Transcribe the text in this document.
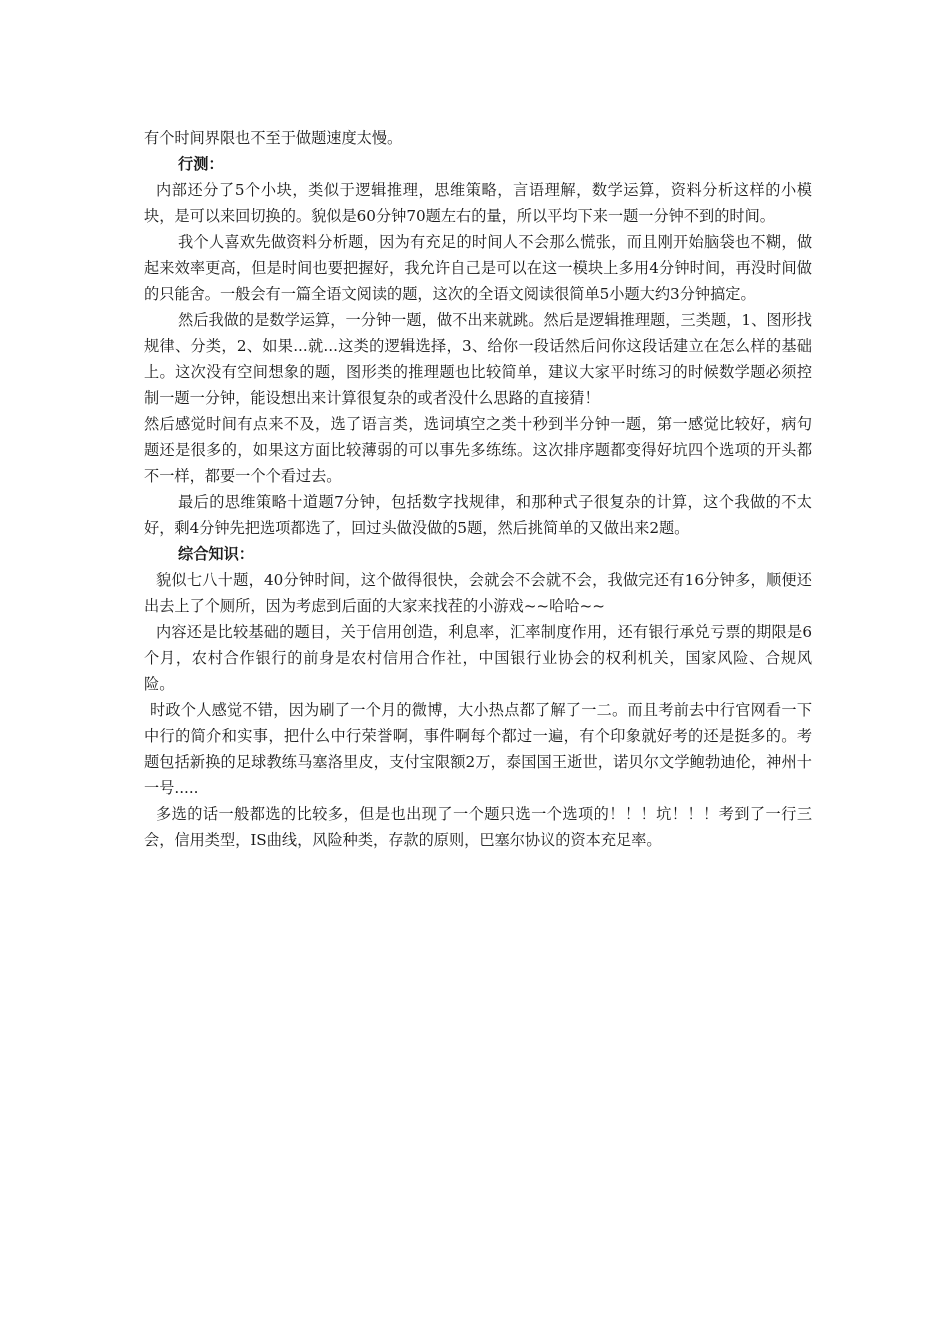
有个时间界限也不至于做题速度太慢。

行测：

内部还分了5个小块，类似于逻辑推理，思维策略，言语理解，数学运算，资料分析这样的小模块，是可以来回切换的。貌似是60分钟70题左右的量，所以平均下来一题一分钟不到的时间。

我个人喜欢先做资料分析题，因为有充足的时间人不会那么慌张，而且刚开始脑袋也不糊，做起来效率更高，但是时间也要把握好，我允许自己是可以在这一模块上多用4分钟时间，再没时间做的只能舍。一般会有一篇全语文阅读的题，这次的全语文阅读很简单5小题大约3分钟搞定。

然后我做的是数学运算，一分钟一题，做不出来就跳。然后是逻辑推理题，三类题，1、图形找规律、分类，2、如果...就...这类的逻辑选择，3、给你一段话然后问你这段话建立在怎么样的基础上。这次没有空间想象的题，图形类的推理题也比较简单，建议大家平时练习的时候数学题必须控制一题一分钟，能设想出来计算很复杂的或者没什么思路的直接猜！

然后感觉时间有点来不及，选了语言类，选词填空之类十秒到半分钟一题，第一感觉比较好，病句题还是很多的，如果这方面比较薄弱的可以事先多练练。这次排序题都变得好坑四个选项的开头都不一样，都要一个个看过去。

最后的思维策略十道题7分钟，包括数字找规律，和那种式子很复杂的计算，这个我做的不太好，剩4分钟先把选项都选了，回过头做没做的5题，然后挑简单的又做出来2题。

综合知识：

貌似七八十题，40分钟时间，这个做得很快，会就会不会就不会，我做完还有16分钟多，顺便还出去上了个厕所，因为考虑到后面的大家来找茬的小游戏~~哈哈~~

内容还是比较基础的题目，关于信用创造，利息率，汇率制度作用，还有银行承兑亏票的期限是6个月，农村合作银行的前身是农村信用合作社，中国银行业协会的权利机关，国家风险、合规风险。

时政个人感觉不错，因为刷了一个月的微博，大小热点都了解了一二。而且考前去中行官网看一下中行的简介和实事，把什么中行荣誉啊，事件啊每个都过一遍，有个印象就好考的还是挺多的。考题包括新换的足球教练马塞洛里皮，支付宝限额2万，泰国国王逝世，诺贝尔文学鲍勃迪伦，神州十一号.....

多选的话一般都选的比较多，但是也出现了一个题只选一个选项的！！！坑！！！考到了一行三会，信用类型，IS曲线，风险种类，存款的原则，巴塞尔协议的资本充足率。
